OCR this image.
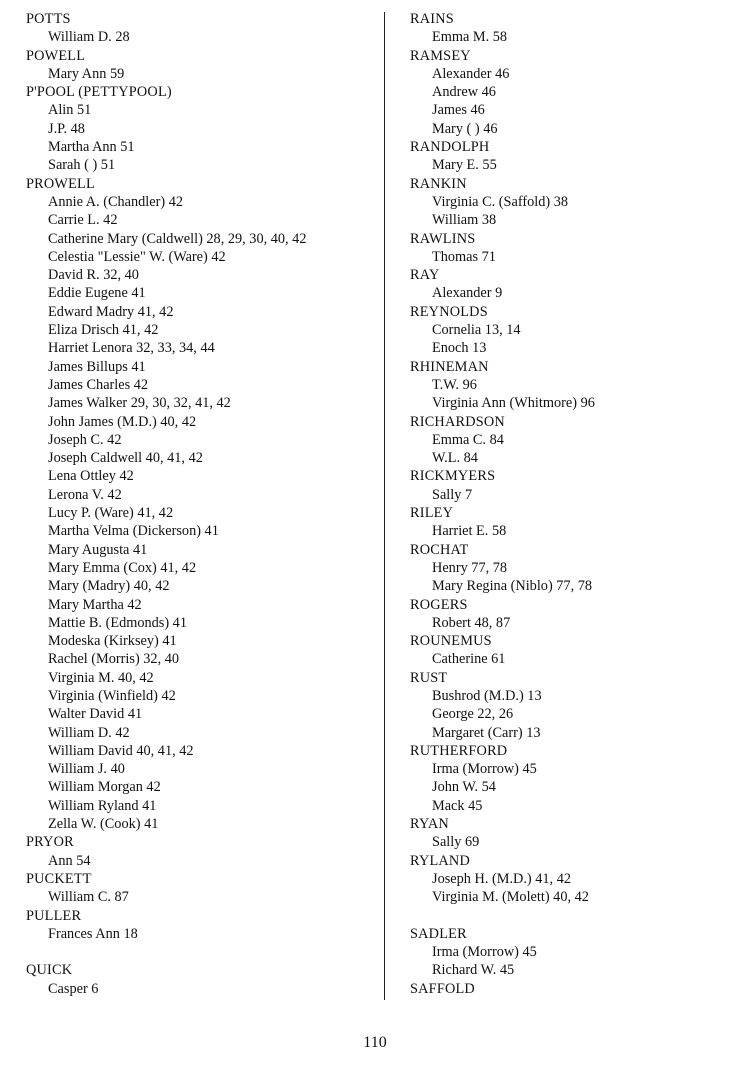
POTTS
William D. 28
POWELL
Mary Ann 59
P'POOL (PETTYPOOL)
Alin 51
J.P. 48
Martha Ann 51
Sarah ( ) 51
PROWELL
Annie A. (Chandler) 42
Carrie L. 42
Catherine Mary (Caldwell) 28, 29, 30, 40, 42
Celestia "Lessie" W. (Ware) 42
David R. 32, 40
Eddie Eugene 41
Edward Madry 41, 42
Eliza Drisch 41, 42
Harriet Lenora 32, 33, 34, 44
James Billups 41
James Charles 42
James Walker 29, 30, 32, 41, 42
John James (M.D.) 40, 42
Joseph C. 42
Joseph Caldwell 40, 41, 42
Lena Ottley 42
Lerona V. 42
Lucy P. (Ware) 41, 42
Martha Velma (Dickerson) 41
Mary Augusta 41
Mary Emma (Cox) 41, 42
Mary (Madry) 40, 42
Mary Martha 42
Mattie B. (Edmonds) 41
Modeska (Kirksey) 41
Rachel (Morris) 32, 40
Virginia M. 40, 42
Virginia (Winfield) 42
Walter David 41
William D. 42
William David 40, 41, 42
William J. 40
William Morgan 42
William Ryland 41
Zella W. (Cook) 41
PRYOR
Ann 54
PUCKETT
William C. 87
PULLER
Frances Ann 18
QUICK
Casper 6
RAINS
Emma M. 58
RAMSEY
Alexander 46
Andrew 46
James 46
Mary ( ) 46
RANDOLPH
Mary E. 55
RANKIN
Virginia C. (Saffold) 38
William 38
RAWLINS
Thomas 71
RAY
Alexander 9
REYNOLDS
Cornelia 13, 14
Enoch 13
RHINEMAN
T.W. 96
Virginia Ann (Whitmore) 96
RICHARDSON
Emma C. 84
W.L. 84
RICKMYERS
Sally 7
RILEY
Harriet E. 58
ROCHAT
Henry 77, 78
Mary Regina (Niblo) 77, 78
ROGERS
Robert 48, 87
ROUNEMUS
Catherine 61
RUST
Bushrod (M.D.) 13
George 22, 26
Margaret (Carr) 13
RUTHERFORD
Irma (Morrow) 45
John W. 54
Mack 45
RYAN
Sally 69
RYLAND
Joseph H. (M.D.) 41, 42
Virginia M. (Molett) 40, 42
SADLER
Irma (Morrow) 45
Richard W. 45
SAFFOLD
110
